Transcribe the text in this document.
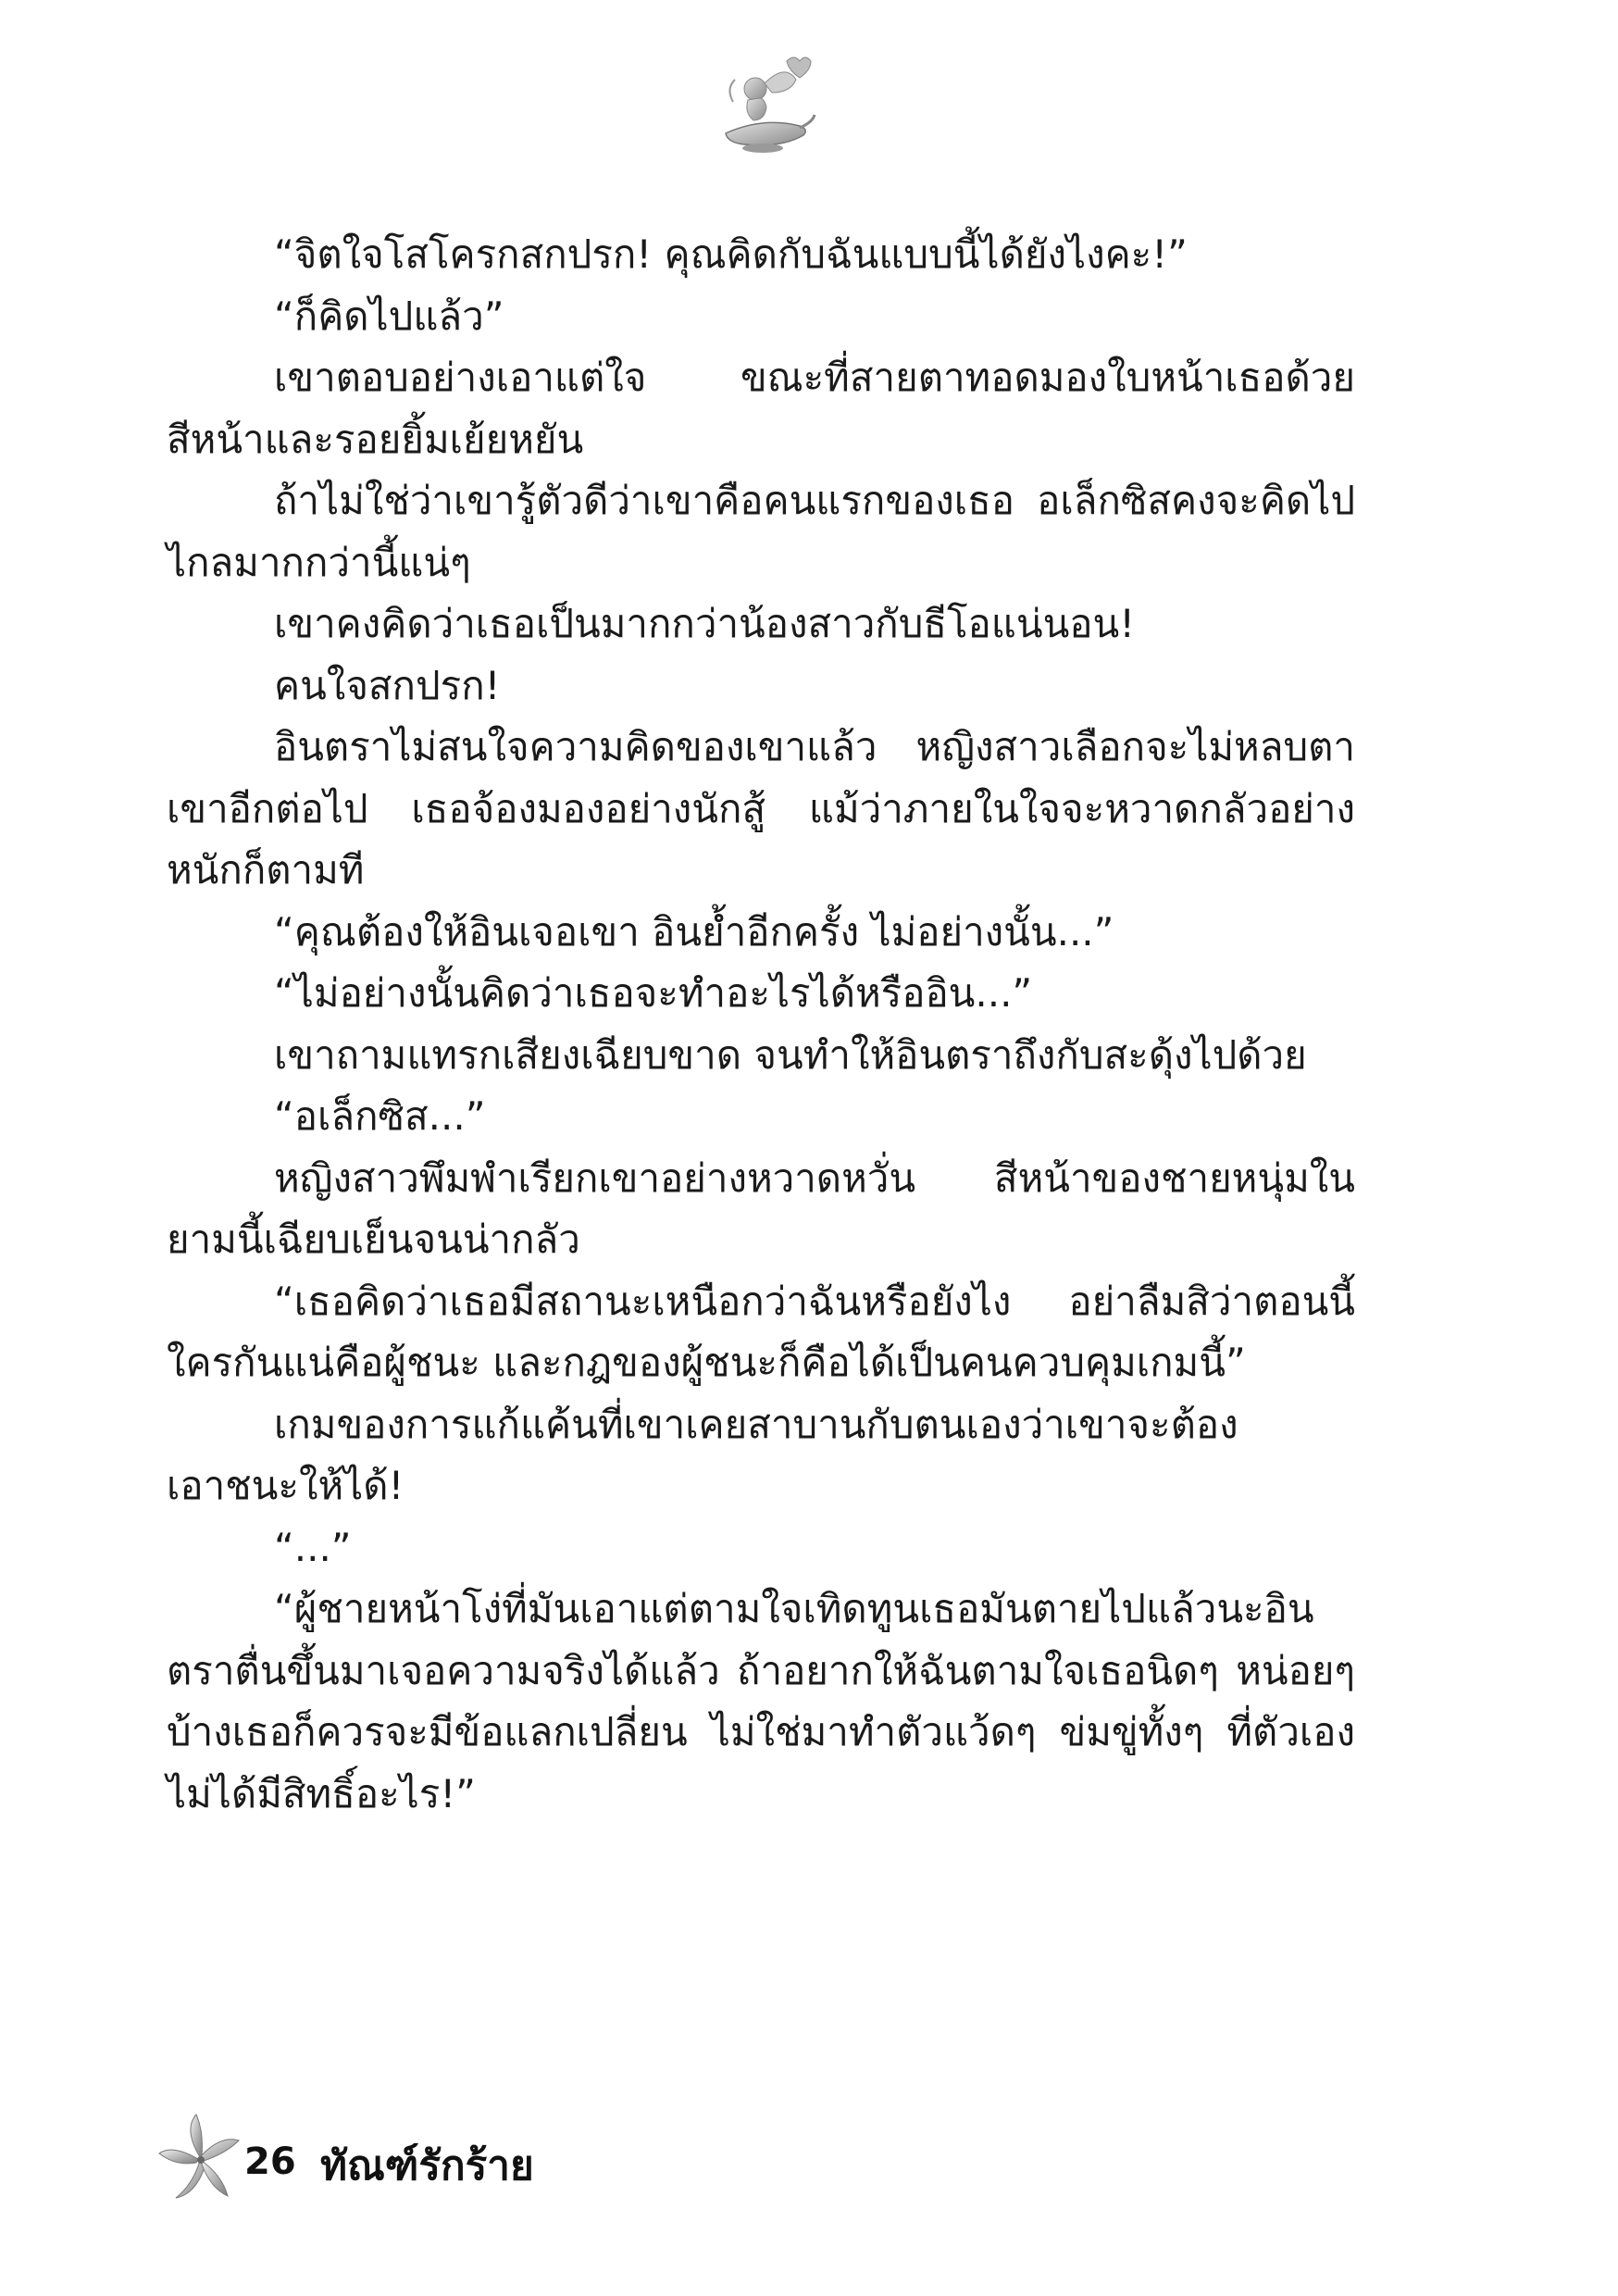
“จิตใจโสโครกสกปรก! คุณคิดกับฉันแบบนี้ได้ยังไงคะ!”

“ก็คิดไปแล้ว”

เขาตอบอย่างเอาแต่ใจ ขณะที่สายตาทอดมองใบหน้าเธอด้วยสีหน้าและรอยยิ้มเย้ยหยัน

ถ้าไม่ใช่ว่าเขารู้ตัวดีว่าเขาคือคนแรกของเธอ อเล็กซิสคงจะคิดไปไกลมากกว่านี้แน่ๆ

เขาคงคิดว่าเธอเป็นมากกว่าน้องสาวกับธีโอแน่นอน!

คนใจสกปรก!

อินตราไม่สนใจความคิดของเขาแล้ว หญิงสาวเลือกจะไม่หลบตาเขาอีกต่อไป เธอจ้องมองอย่างนักสู้ แม้ว่าภายในใจจะหวาดกลัวอย่างหนักก็ตามที

“คุณต้องให้อินเจอเขา อินย้ำอีกครั้ง ไม่อย่างนั้น...”

“ไม่อย่างนั้นคิดว่าเธอจะทำอะไรได้หรืออิน...”

เขาถามแทรกเสียงเฉียบขาด จนทำให้อินตราถึงกับสะดุ้งไปด้วย

“อเล็กซิส...”

หญิงสาวพึมพำเรียกเขาอย่างหวาดหวั่น สีหน้าของชายหนุ่มในยามนี้เฉียบเย็นจนน่ากลัว

“เธอคิดว่าเธอมีสถานะเหนือกว่าฉันหรือยังไง อย่าลืมสิว่าตอนนี้ใครกันแน่คือผู้ชนะ และกฎของผู้ชนะก็คือได้เป็นคนควบคุมเกมนี้”

เกมของการแก้แค้นที่เขาเคยสาบานกับตนเองว่าเขาจะต้องเอาชนะให้ได้!

“...”

“ผู้ชายหน้าโง่ที่มันเอาแต่ตามใจเทิดทูนเธอมันตายไปแล้วนะอินตราตื่นขึ้นมาเจอความจริงได้แล้ว ถ้าอยากให้ฉันตามใจเธอนิดๆ หน่อยๆ บ้างเธอก็ควรจะมีข้อแลกเปลี่ยน ไม่ใช่มาทำตัวแว้ดๆ ข่มขู่ทั้งๆ ที่ตัวเองไม่ได้มีสิทธิ์อะไร!”

26 ทัณฑ์รักร้าย
